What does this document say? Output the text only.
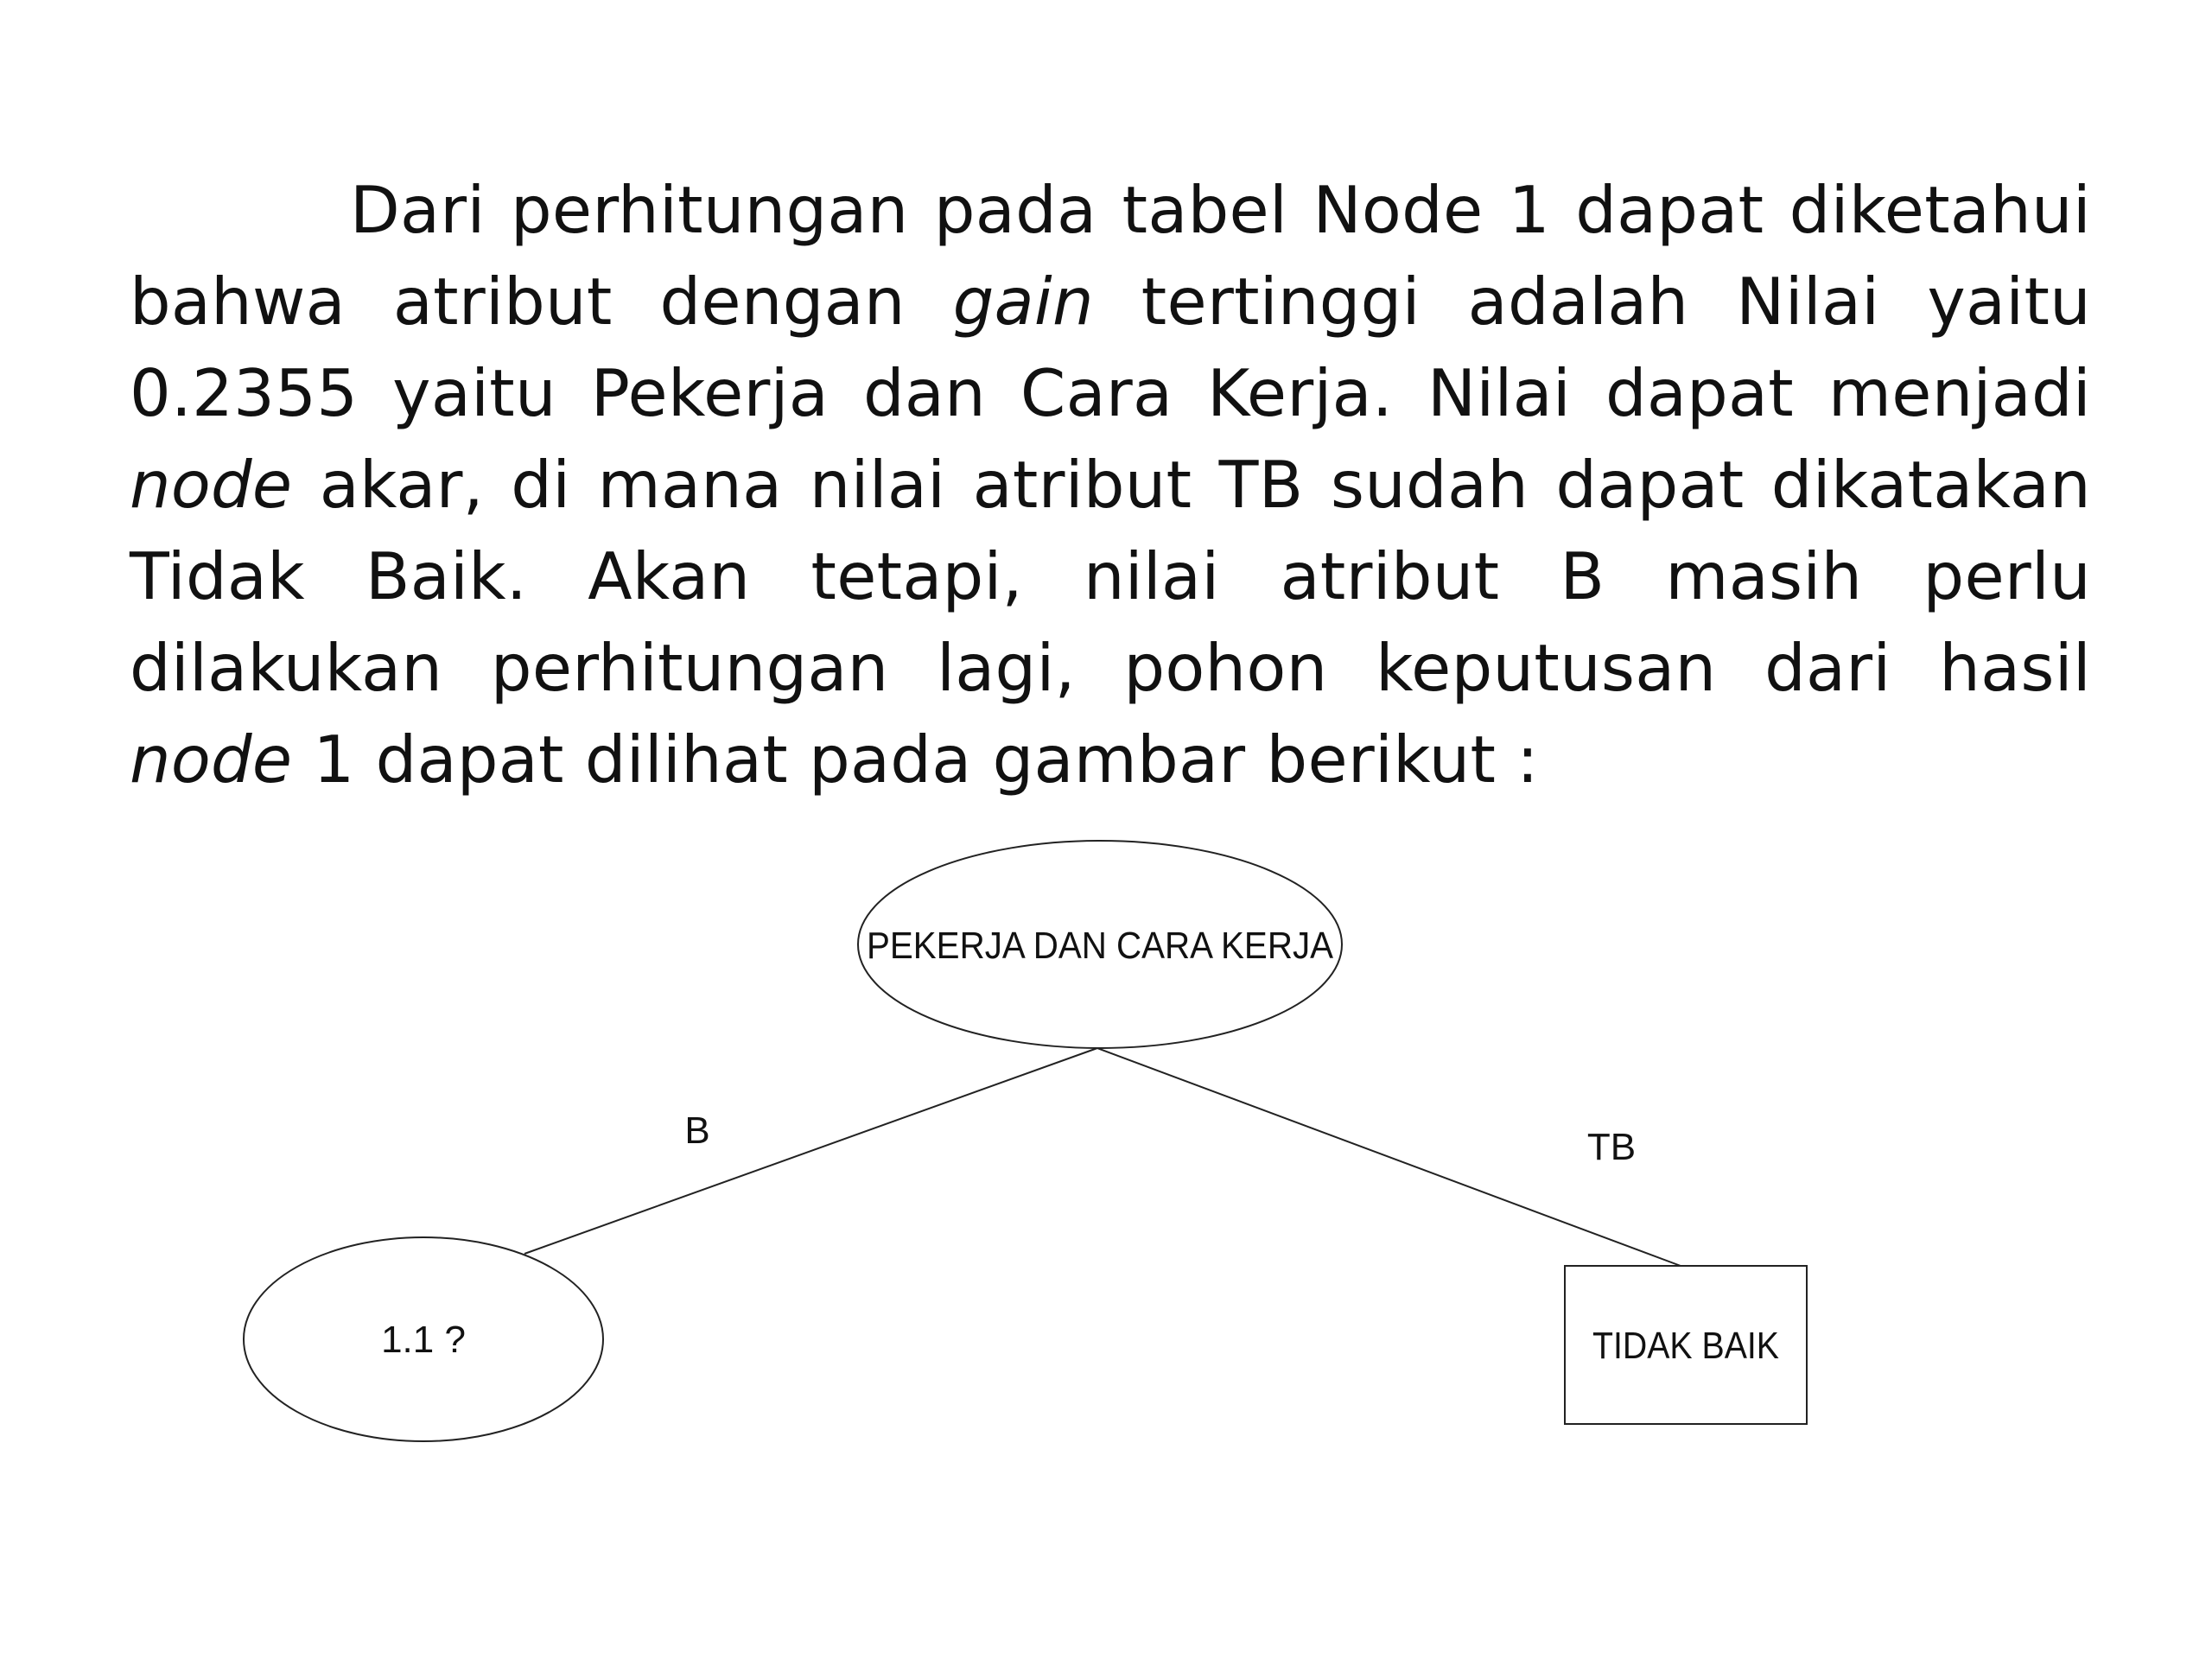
Dari perhitungan pada tabel Node 1 dapat diketahui bahwa atribut dengan gain tertinggi adalah Nilai yaitu 0.2355 yaitu Pekerja dan Cara Kerja. Nilai dapat menjadi node akar, di mana nilai atribut TB sudah dapat dikatakan Tidak Baik. Akan tetapi, nilai atribut B masih perlu dilakukan perhitungan lagi, pohon keputusan dari hasil node 1 dapat dilihat pada gambar berikut :

PEKERJA DAN CARA KERJA
B	TB
1.1 ?	TIDAK BAIK
